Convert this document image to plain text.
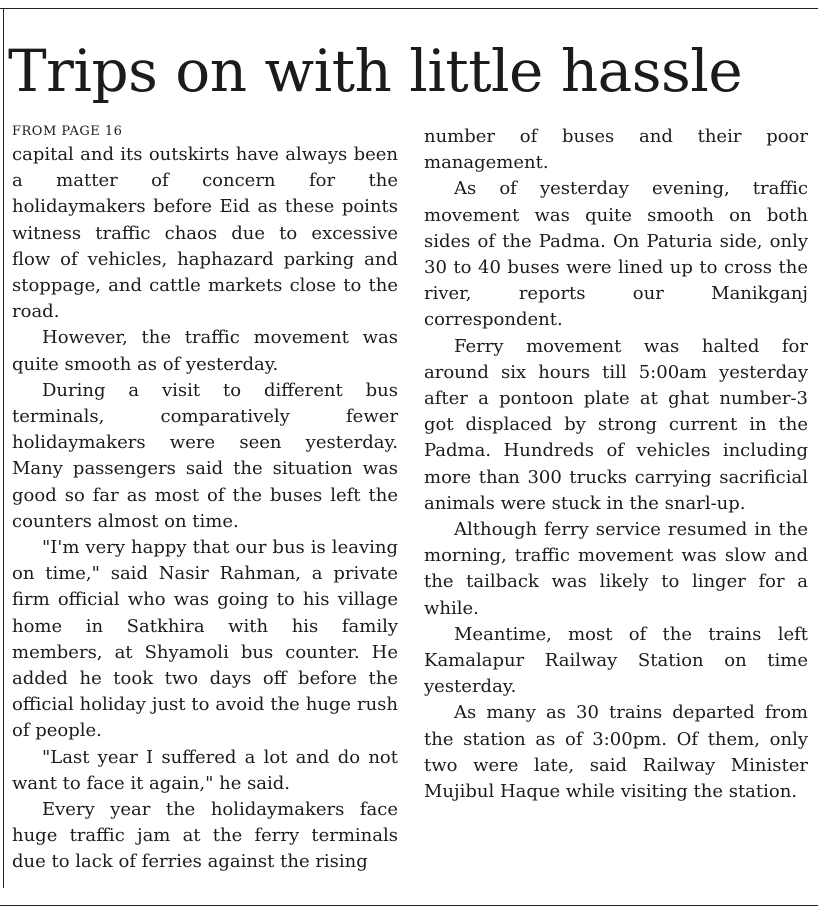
Trips on with little hassle
FROM PAGE 16

capital and its outskirts have always been a matter of concern for the holidaymakers before Eid as these points witness traffic chaos due to excessive flow of vehicles, haphazard parking and stoppage, and cattle markets close to the road.

However, the traffic movement was quite smooth as of yesterday.

During a visit to different bus terminals, comparatively fewer holidaymakers were seen yesterday. Many passengers said the situation was good so far as most of the buses left the counters almost on time.

"I'm very happy that our bus is leaving on time," said Nasir Rahman, a private firm official who was going to his village home in Satkhira with his family members, at Shyamoli bus counter. He added he took two days off before the official holiday just to avoid the huge rush of people.

"Last year I suffered a lot and do not want to face it again," he said.

Every year the holidaymakers face huge traffic jam at the ferry terminals due to lack of ferries against the rising

number of buses and their poor management.

As of yesterday evening, traffic movement was quite smooth on both sides of the Padma. On Paturia side, only 30 to 40 buses were lined up to cross the river, reports our Manikganj correspondent.

Ferry movement was halted for around six hours till 5:00am yesterday after a pontoon plate at ghat number-3 got displaced by strong current in the Padma. Hundreds of vehicles including more than 300 trucks carrying sacrificial animals were stuck in the snarl-up.

Although ferry service resumed in the morning, traffic movement was slow and the tailback was likely to linger for a while.

Meantime, most of the trains left Kamalapur Railway Station on time yesterday.

As many as 30 trains departed from the station as of 3:00pm. Of them, only two were late, said Railway Minister Mujibul Haque while visiting the station.
